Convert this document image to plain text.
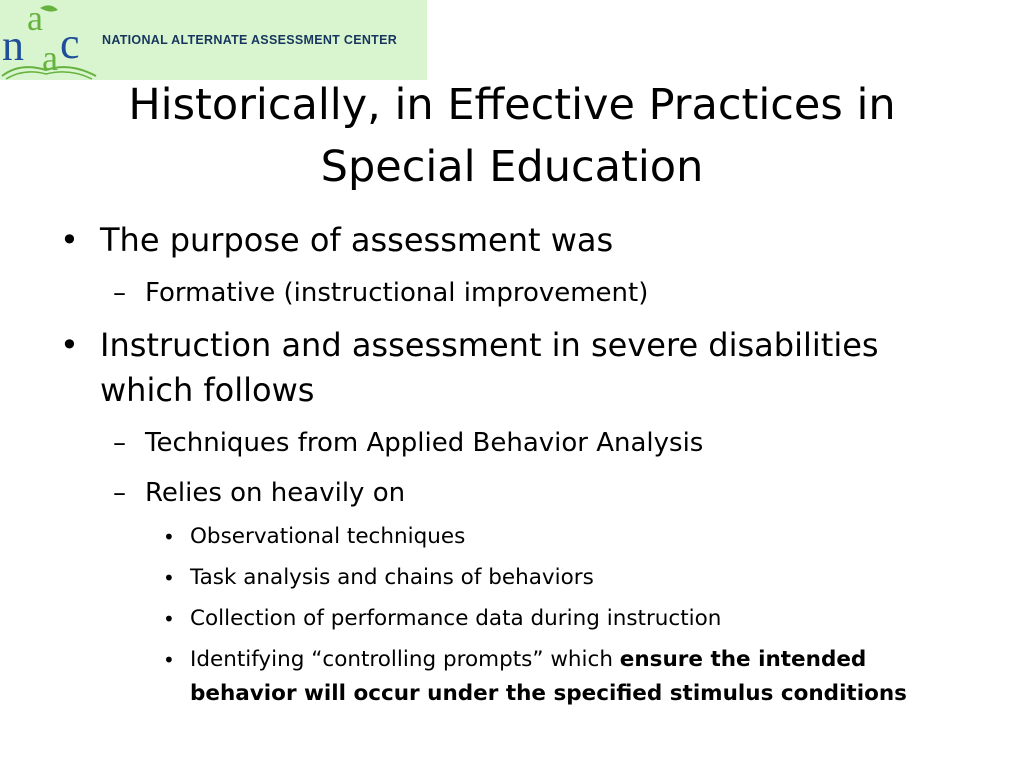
n
a
a c NATIONAL ALTERNATE ASSESSMENT CENTER
Historically, in Effective Practices in
Special Education
• The purpose of assessment was
– Formative (instructional improvement)
• Instruction and assessment in severe disabilities
which follows
– Techniques from Applied Behavior Analysis
– Relies on heavily on
• Observational techniques
• Task analysis and chains of behaviors
• Collection of performance data during instruction
• Identifying “controlling prompts” which ensure the intended
behavior will occur under the specified stimulus conditions
